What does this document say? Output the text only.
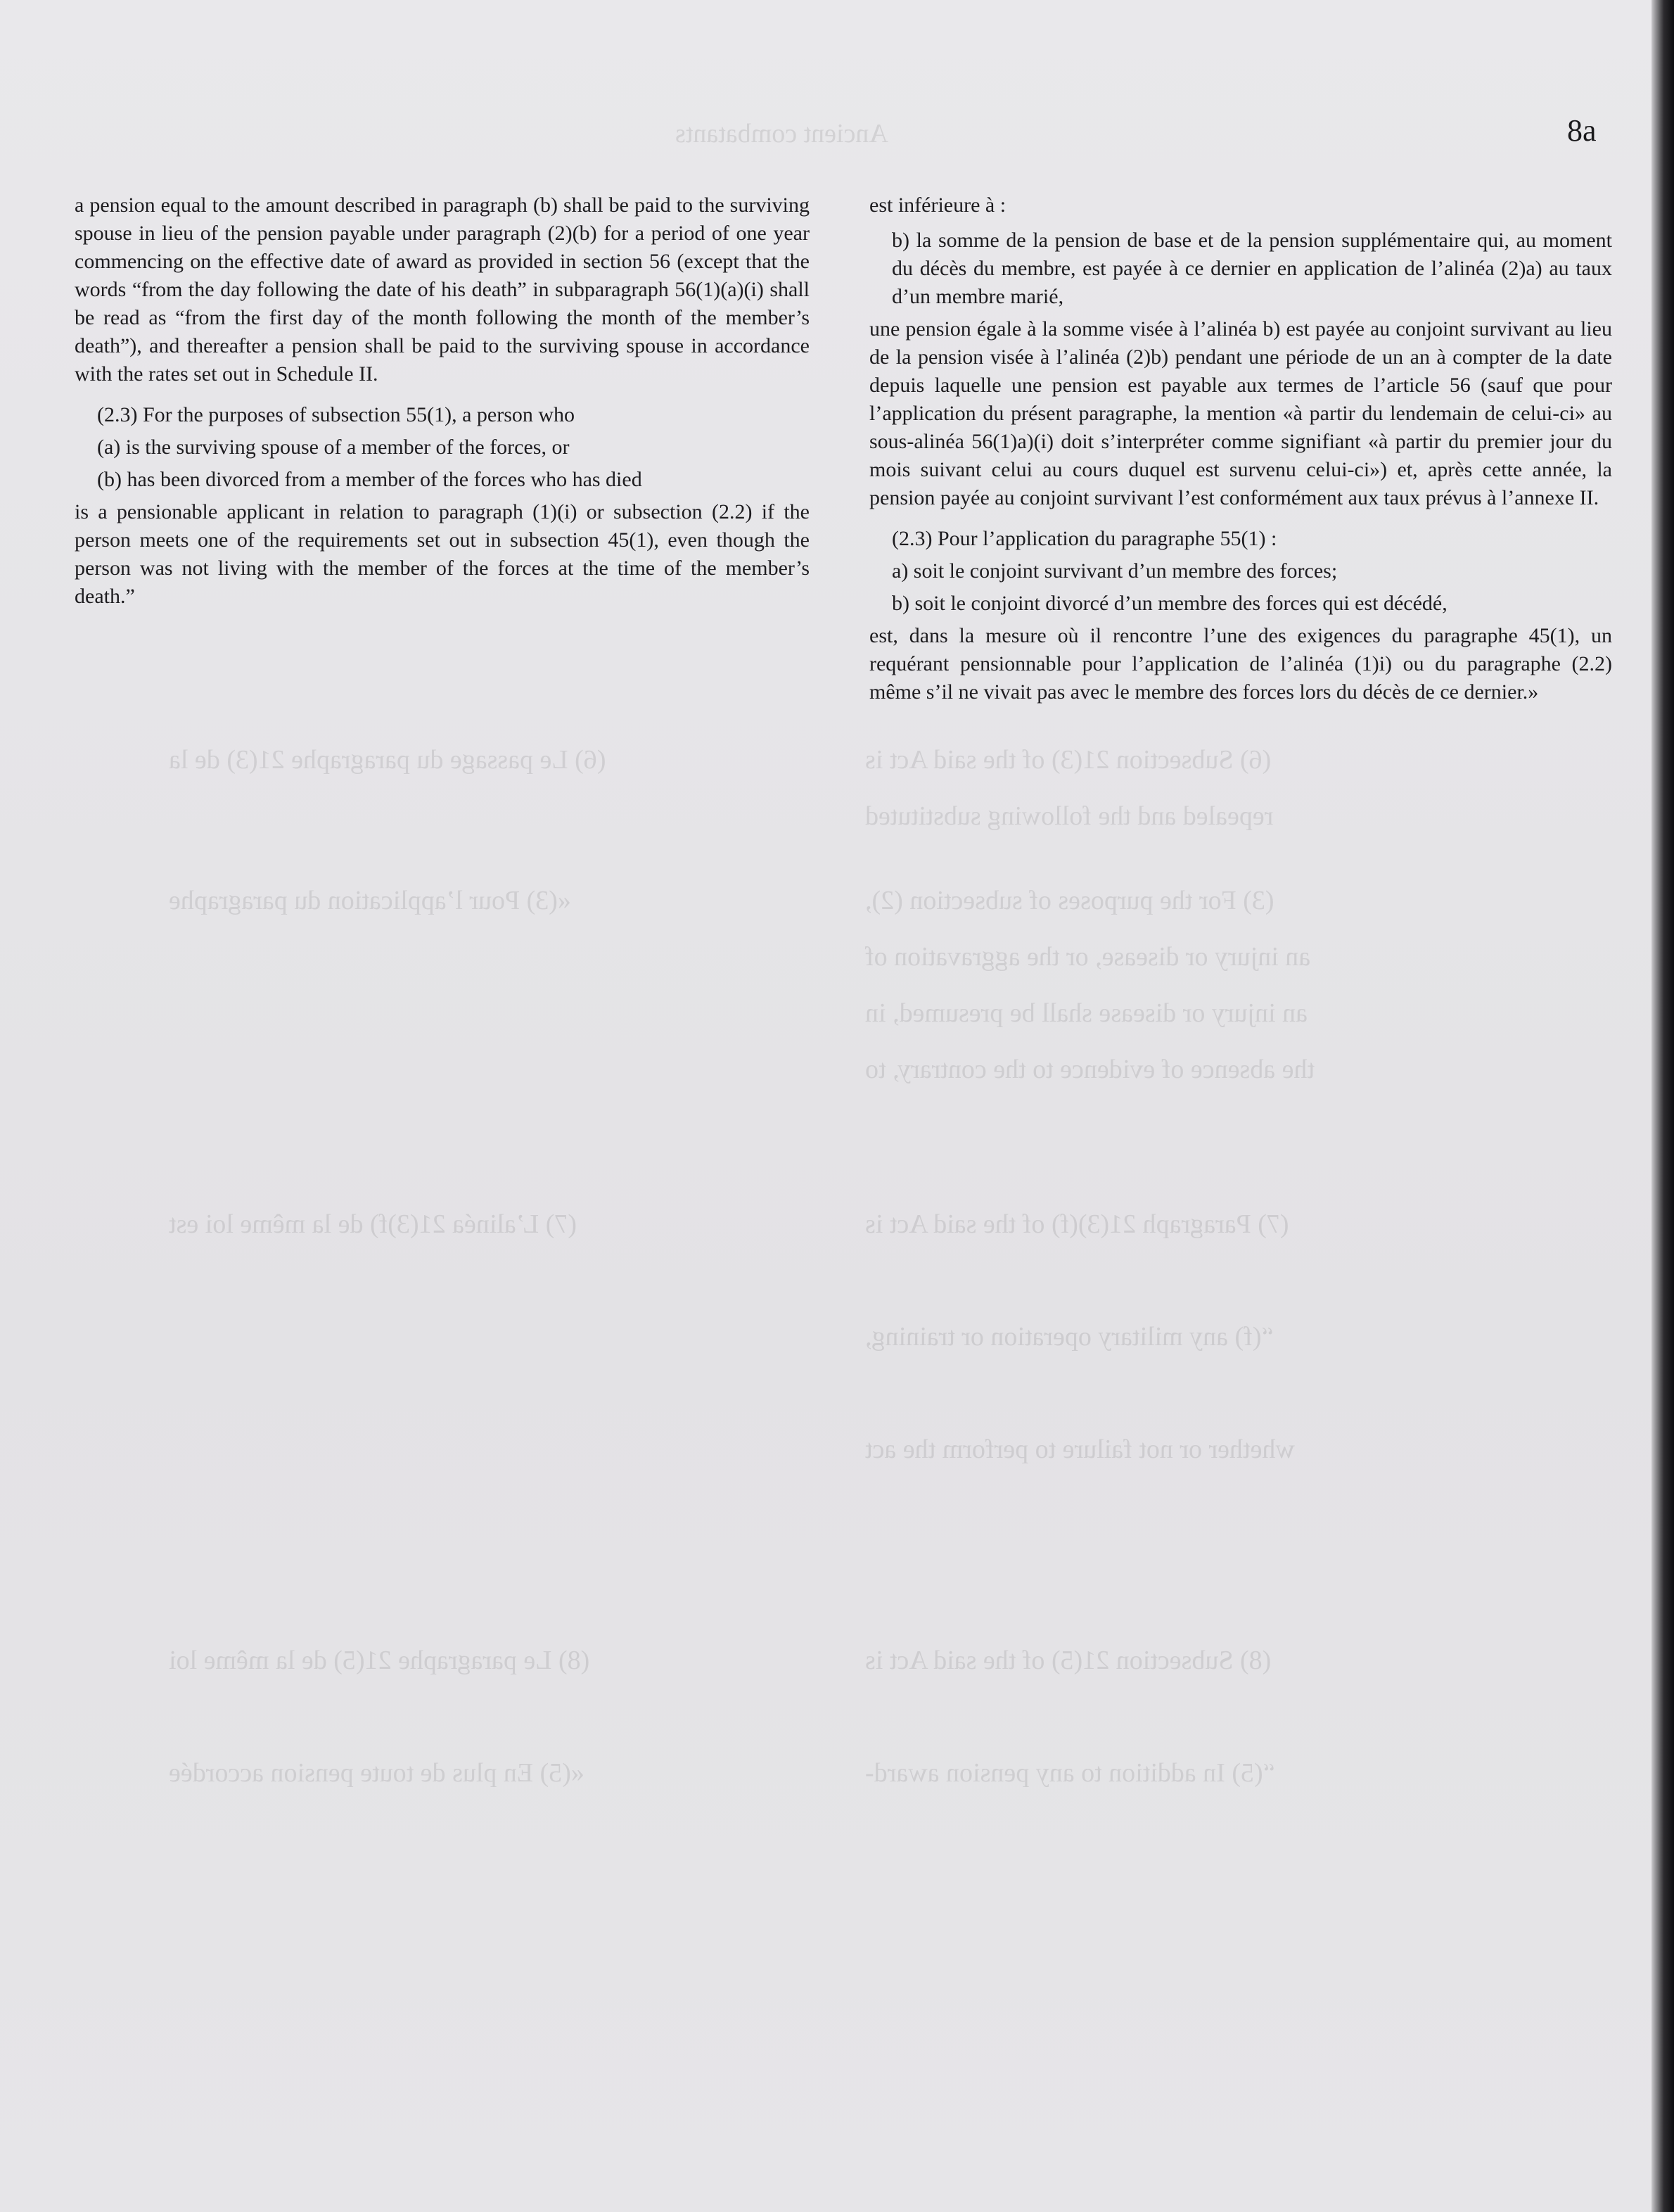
Ancient combatants
(6) Subsection 21(3) of the said Act is
repealed and the following substituted
(3) For the purposes of subsection (2),
an injury or disease, or the aggravation of
an injury or disease shall be presumed, in
the absence of evidence to the contrary, to
(7) Paragraph 21(3)(f) of the said Act is
“(f) any military operation or training,
whether or not failure to perform the act
(8) Subsection 21(5) of the said Act is
“(5) In addition to any pension award-
(6) Le passage du paragraphe 21(3) de la
«(3) Pour l’application du paragraphe
(7) L’alinéa 21(3)f) de la même loi est
(8) Le paragraphe 21(5) de la même loi
«(5) En plus de toute pension accordée
8a

a pension equal to the amount described in paragraph (b) shall be paid to the surviving spouse in lieu of the pension payable under paragraph (2)(b) for a period of one year commencing on the effective date of award as provided in section 56 (except that the words “from the day following the date of his death” in subparagraph 56(1)(a)(i) shall be read as “from the first day of the month following the month of the member’s death”), and thereafter a pension shall be paid to the surviving spouse in accordance with the rates set out in Schedule II.

(2.3) For the purposes of subsection 55(1), a person who

(a) is the surviving spouse of a member of the forces, or

(b) has been divorced from a member of the forces who has died

is a pensionable applicant in relation to paragraph (1)(i) or subsection (2.2) if the person meets one of the requirements set out in subsection 45(1), even though the person was not living with the member of the forces at the time of the member’s death.”

est inférieure à :

b) la somme de la pension de base et de la pension supplémentaire qui, au moment du décès du membre, est payée à ce dernier en application de l’alinéa (2)a) au taux d’un membre marié,

une pension égale à la somme visée à l’alinéa b) est payée au conjoint survivant au lieu de la pension visée à l’alinéa (2)b) pendant une période de un an à compter de la date depuis laquelle une pension est payable aux termes de l’article 56 (sauf que pour l’application du présent paragraphe, la mention «à partir du lendemain de celui-ci» au sous-alinéa 56(1)a)(i) doit s’interpréter comme signifiant «à partir du premier jour du mois suivant celui au cours duquel est survenu celui-ci») et, après cette année, la pension payée au conjoint survivant l’est conformément aux taux prévus à l’annexe II.

(2.3) Pour l’application du paragraphe 55(1) :

a) soit le conjoint survivant d’un membre des forces;

b) soit le conjoint divorcé d’un membre des forces qui est décédé,

est, dans la mesure où il rencontre l’une des exigences du paragraphe 45(1), un requérant pensionnable pour l’application de l’alinéa (1)i) ou du paragraphe (2.2) même s’il ne vivait pas avec le membre des forces lors du décès de ce dernier.»
